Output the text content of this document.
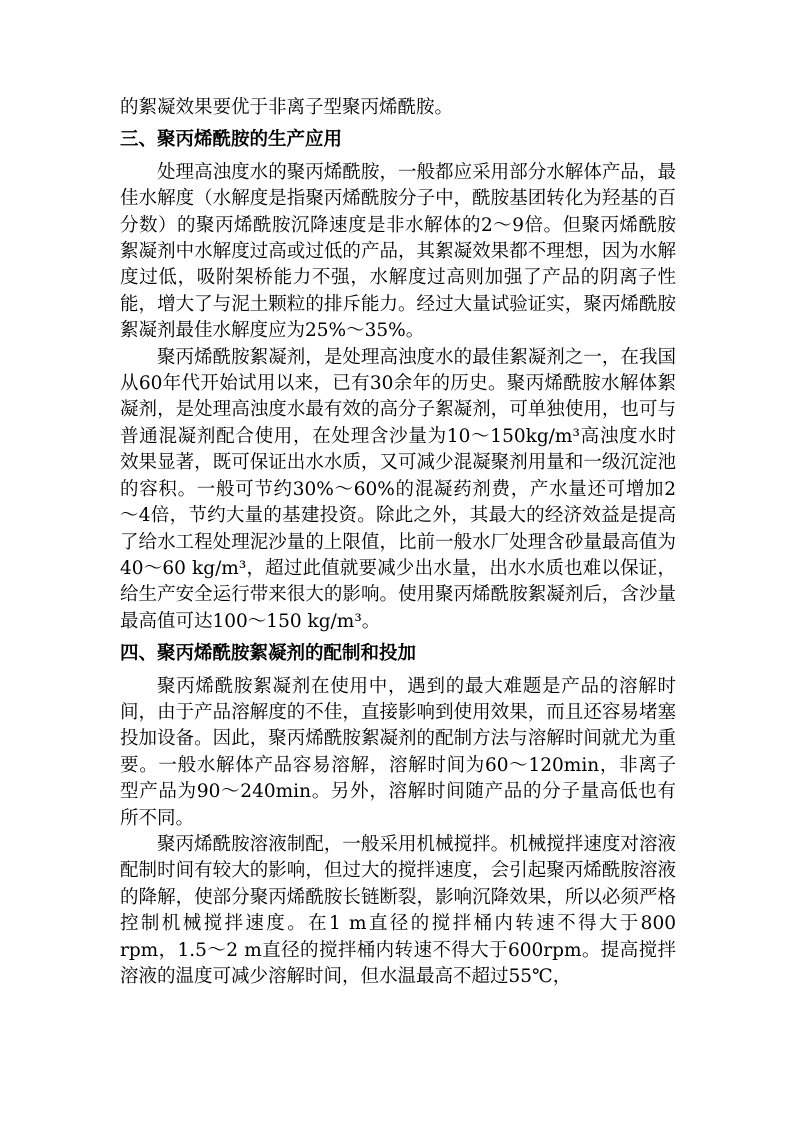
的絮凝效果要优于非离子型聚丙烯酰胺。

三、聚丙烯酰胺的生产应用

处理高浊度水的聚丙烯酰胺，一般都应采用部分水解体产品，最佳水解度（水解度是指聚丙烯酰胺分子中，酰胺基团转化为羟基的百分数）的聚丙烯酰胺沉降速度是非水解体的2～9倍。但聚丙烯酰胺絮凝剂中水解度过高或过低的产品，其絮凝效果都不理想，因为水解度过低，吸附架桥能力不强，水解度过高则加强了产品的阴离子性能，增大了与泥土颗粒的排斥能力。经过大量试验证实，聚丙烯酰胺絮凝剂最佳水解度应为25%～35%。

聚丙烯酰胺絮凝剂，是处理高浊度水的最佳絮凝剂之一，在我国从60年代开始试用以来，已有30余年的历史。聚丙烯酰胺水解体絮凝剂，是处理高浊度水最有效的高分子絮凝剂，可单独使用，也可与普通混凝剂配合使用，在处理含沙量为10～150kg/m³高浊度水时效果显著，既可保证出水水质，又可减少混凝聚剂用量和一级沉淀池的容积。一般可节约30%～60%的混凝药剂费，产水量还可增加2～4倍，节约大量的基建投资。除此之外，其最大的经济效益是提高了给水工程处理泥沙量的上限值，比前一般水厂处理含砂量最高值为40～60 kg/m³，超过此值就要减少出水量，出水水质也难以保证，给生产安全运行带来很大的影响。使用聚丙烯酰胺絮凝剂后，含沙量最高值可达100～150 kg/m³。

四、聚丙烯酰胺絮凝剂的配制和投加

聚丙烯酰胺絮凝剂在使用中，遇到的最大难题是产品的溶解时间，由于产品溶解度的不佳，直接影响到使用效果，而且还容易堵塞投加设备。因此，聚丙烯酰胺絮凝剂的配制方法与溶解时间就尤为重要。一般水解体产品容易溶解，溶解时间为60～120min，非离子型产品为90～240min。另外，溶解时间随产品的分子量高低也有所不同。

聚丙烯酰胺溶液制配，一般采用机械搅拌。机械搅拌速度对溶液配制时间有较大的影响，但过大的搅拌速度，会引起聚丙烯酰胺溶液的降解，使部分聚丙烯酰胺长链断裂，影响沉降效果，所以必须严格控制机械搅拌速度。在1 m直径的搅拌桶内转速不得大于800 rpm，1.5～2 m直径的搅拌桶内转速不得大于600rpm。提高搅拌溶液的温度可减少溶解时间，但水温最高不超过55℃，
